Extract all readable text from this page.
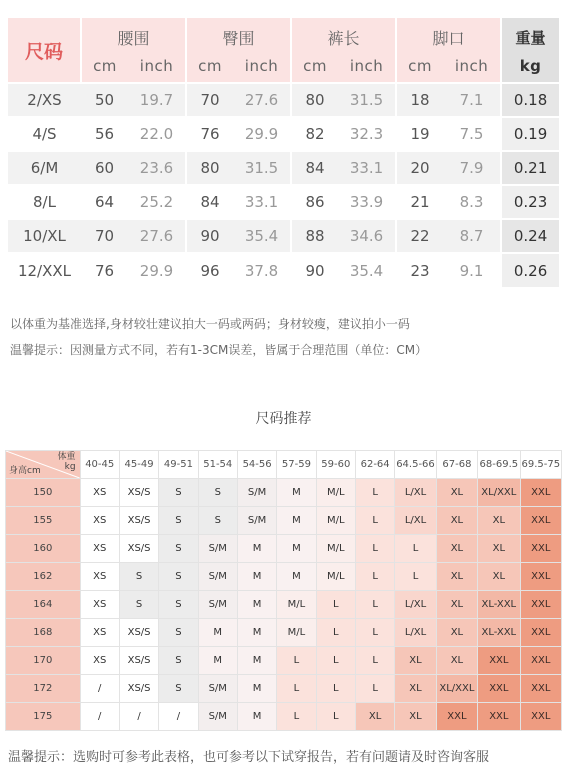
尺码	腰围		臀围		裤长		脚口		重量
	cm	inch	cm	inch	cm	inch	cm	inch	kg
2/XS	50	19.7	70	27.6	80	31.5	18	7.1	0.18
4/S	56	22.0	76	29.9	82	32.3	19	7.5	0.19
6/M	60	23.6	80	31.5	84	33.1	20	7.9	0.21
8/L	64	25.2	84	33.1	86	33.9	21	8.3	0.23
10/XL	70	27.6	90	35.4	88	34.6	22	8.7	0.24
12/XXL	76	29.9	96	37.8	90	35.4	23	9.1	0.26
以体重为基准选择,身材较壮建议拍大一码或两码；身材较瘦，建议拍小一码
温馨提示：因测量方式不同，若有1-3CM误差，皆属于合理范围（单位：CM）
尺码推荐
体重
kg
身高cm	40-45	45-49	49-51	51-54	54-56	57-59	59-60	62-64	64.5-66	67-68	68-69.5	69.5-75
150	XS	XS/S	S	S	S/M	M	M/L	L	L/XL	XL	XL/XXL	XXL
155	XS	XS/S	S	S	S/M	M	M/L	L	L/XL	XL	XL	XXL
160	XS	XS/S	S	S/M	M	M	M/L	L	L	XL	XL	XXL
162	XS	S	S	S/M	M	M	M/L	L	L	XL	XL	XXL
164	XS	S	S	S/M	M	M/L	L	L	L/XL	XL	XL-XXL	XXL
168	XS	XS/S	S	M	M	M/L	L	L	L/XL	XL	XL-XXL	XXL
170	XS	XS/S	S	M	M	L	L	L	XL	XL	XXL	XXL
172	/	XS/S	S	S/M	M	L	L	L	XL	XL/XXL	XXL	XXL
175	/	/	/	S/M	M	L	L	XL	XL	XXL	XXL	XXL
温馨提示：选购时可参考此表格，也可参考以下试穿报告，若有问题请及时咨询客服
